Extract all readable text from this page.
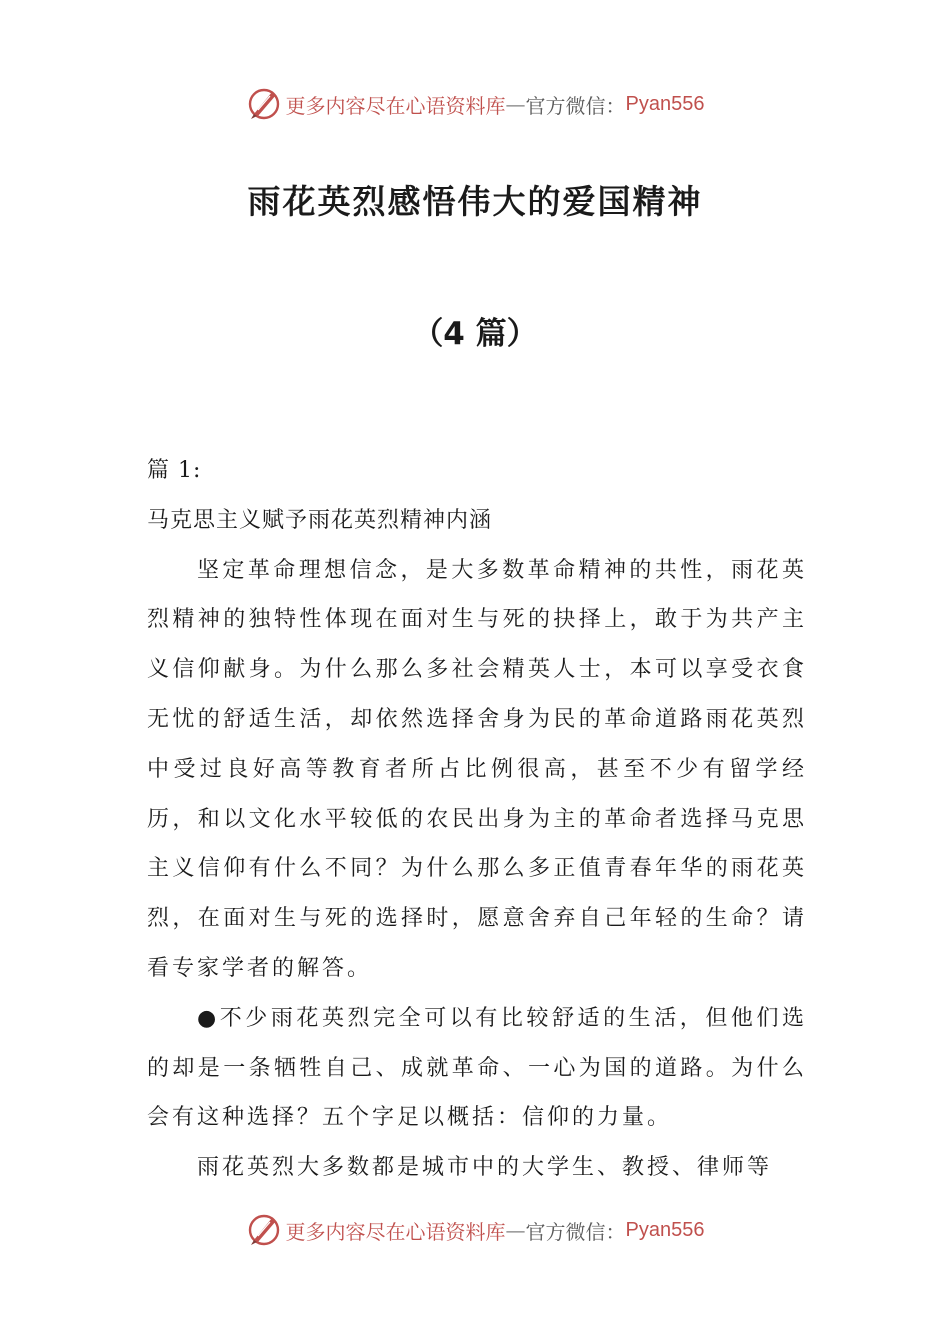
更多内容尽在心语资料库 — 官方微信： Pyan556
雨花英烈感悟伟大的爱国精神
（4 篇）

篇 1:

马克思主义赋予雨花英烈精神内涵

坚定革命理想信念，是大多数革命精神的共性，雨花英烈精神的独特性体现在面对生与死的抉择上，敢于为共产主义信仰献身。为什么那么多社会精英人士，本可以享受衣食无忧的舒适生活，却依然选择舍身为民的革命道路雨花英烈中受过良好高等教育者所占比例很高，甚至不少有留学经历，和以文化水平较低的农民出身为主的革命者选择马克思主义信仰有什么不同？为什么那么多正值青春年华的雨花英烈，在面对生与死的选择时，愿意舍弃自己年轻的生命？请看专家学者的解答。

●不少雨花英烈完全可以有比较舒适的生活，但他们选的却是一条牺牲自己、成就革命、一心为国的道路。为什么会有这种选择？五个字足以概括：信仰的力量。

雨花英烈大多数都是城市中的大学生、教授、律师等

更多内容尽在心语资料库 — 官方微信： Pyan556
